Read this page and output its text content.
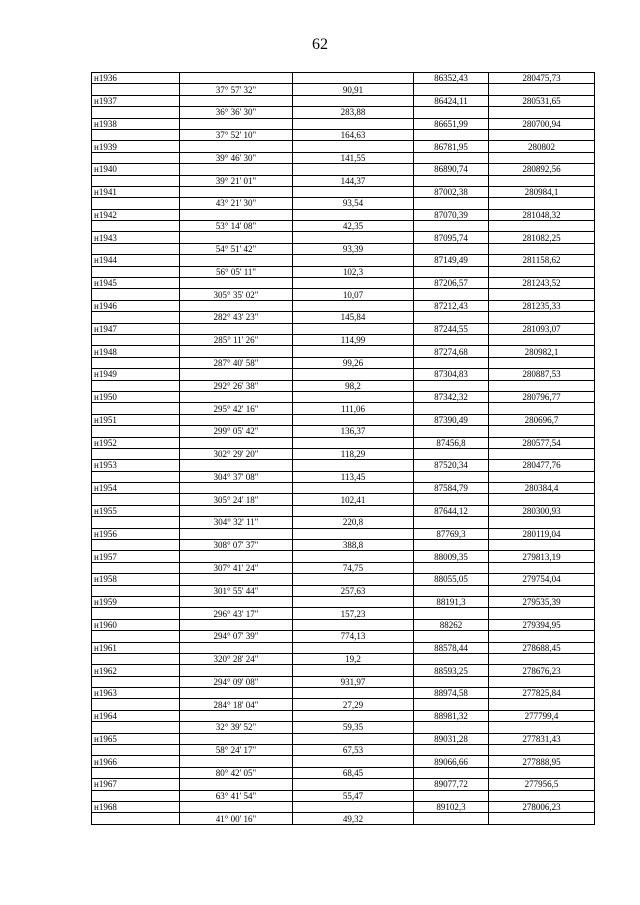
62
н1936			86352,43	280475,73
	37° 57' 32"	90,91		
н1937			86424,11	280531,65
	36° 36' 30"	283,88		
н1938			86651,99	280700,94
	37° 52' 10"	164,63		
н1939			86781,95	280802
	39° 46' 30"	141,55		
н1940			86890,74	280892,56
	39° 21' 01"	144,37		
н1941			87002,38	280984,1
	43° 21' 30"	93,54		
н1942			87070,39	281048,32
	53° 14' 08"	42,35		
н1943			87095,74	281082,25
	54° 51' 42"	93,39		
н1944			87149,49	281158,62
	56° 05' 11"	102,3		
н1945			87206,57	281243,52
	305° 35' 02"	10,07		
н1946			87212,43	281235,33
	282° 43' 23"	145,84		
н1947			87244,55	281093,07
	285° 11' 26"	114,99		
н1948			87274,68	280982,1
	287° 40' 58"	99,26		
н1949			87304,83	280887,53
	292° 26' 38"	98,2		
н1950			87342,32	280796,77
	295° 42' 16"	111,06		
н1951			87390,49	280696,7
	299° 05' 42"	136,37		
н1952			87456,8	280577,54
	302° 29' 20"	118,29		
н1953			87520,34	280477,76
	304° 37' 08"	113,45		
н1954			87584,79	280384,4
	305° 24' 18"	102,41		
н1955			87644,12	280300,93
	304° 32' 11"	220,8		
н1956			87769,3	280119,04
	308° 07' 37"	388,8		
н1957			88009,35	279813,19
	307° 41' 24"	74,75		
н1958			88055,05	279754,04
	301° 55' 44"	257,63		
н1959			88191,3	279535,39
	296° 43' 17"	157,23		
н1960			88262	279394,95
	294° 07' 39"	774,13		
н1961			88578,44	278688,45
	320° 28' 24"	19,2		
н1962			88593,25	278676,23
	294° 09' 08"	931,97		
н1963			88974,58	277825,84
	284° 18' 04"	27,29		
н1964			88981,32	277799,4
	32° 39' 52"	59,35		
н1965			89031,28	277831,43
	58° 24' 17"	67,53		
н1966			89066,66	277888,95
	80° 42' 05"	68,45		
н1967			89077,72	277956,5
	63° 41' 54"	55,47		
н1968			89102,3	278006,23
	41° 00' 16"	49,32		
